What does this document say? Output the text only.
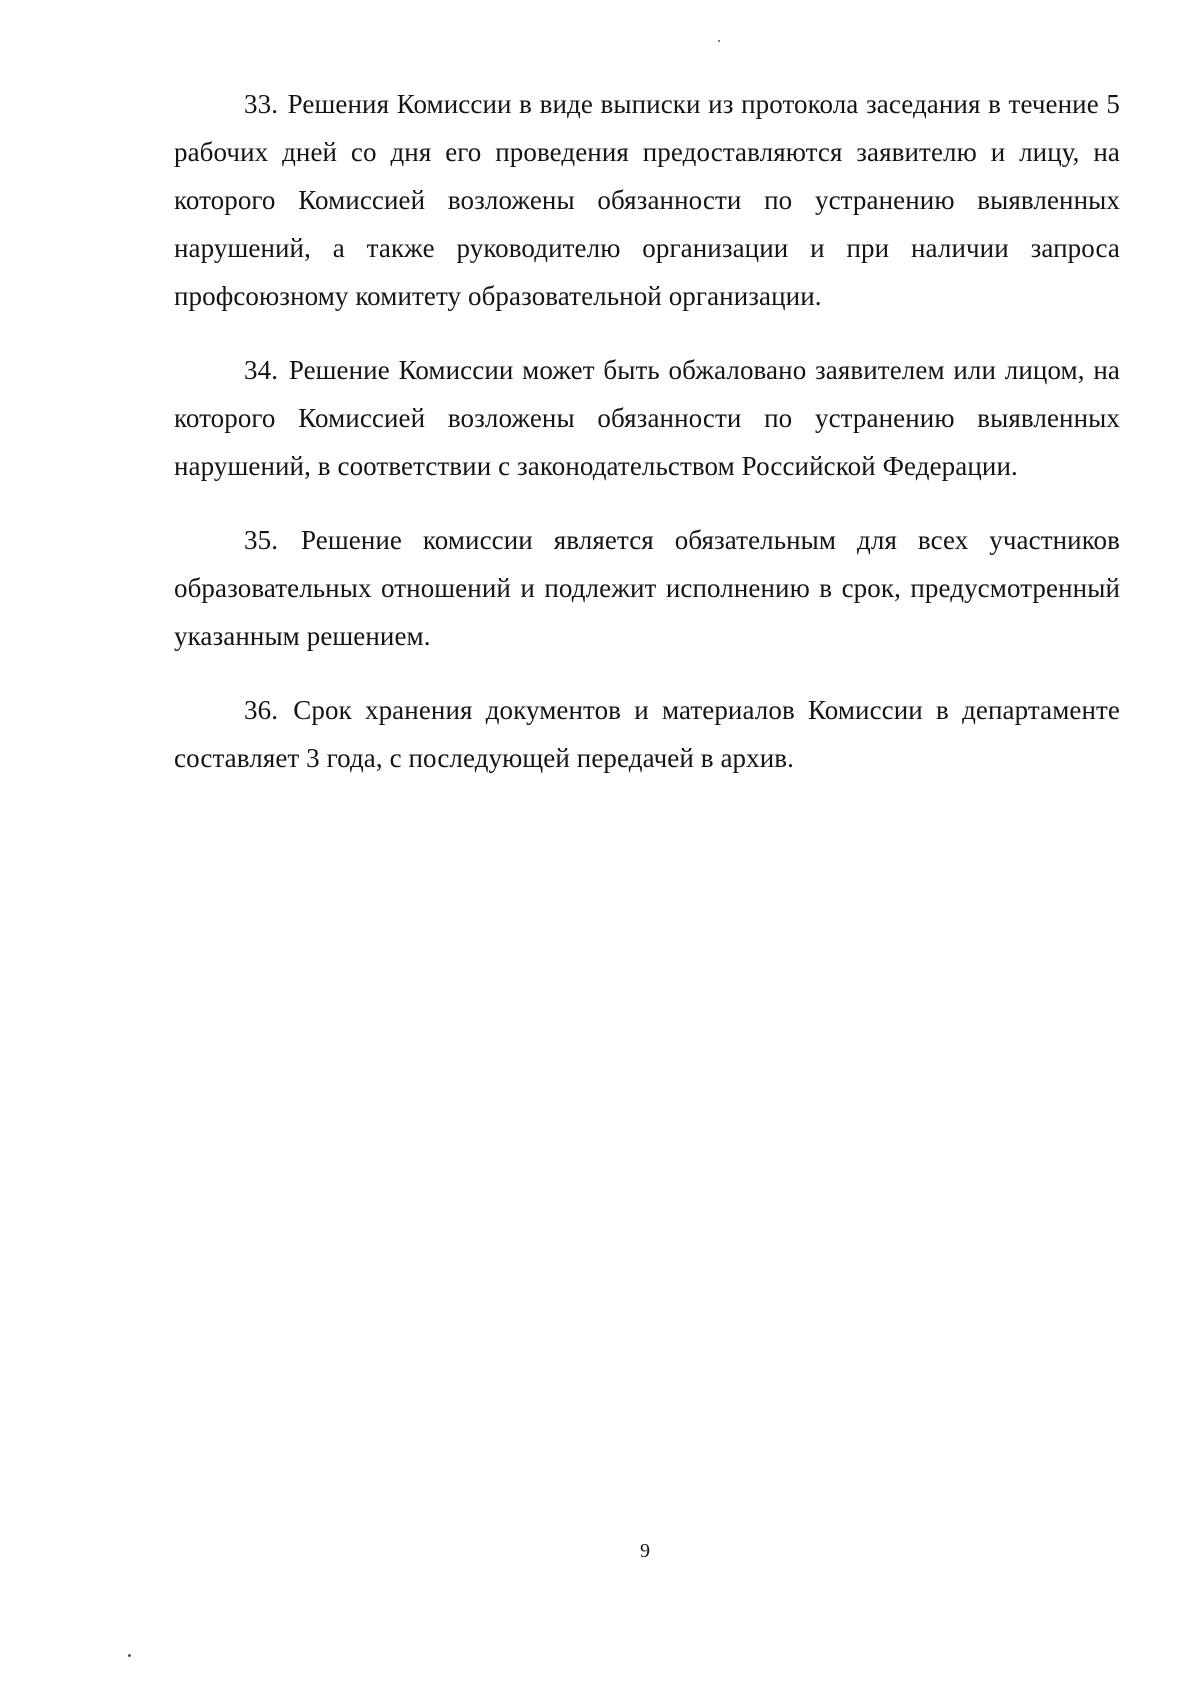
33. Решения Комиссии в виде выписки из протокола заседания в течение 5 рабочих дней со дня его проведения предоставляются заявителю и лицу, на которого Комиссией возложены обязанности по устранению выявленных нарушений, а также руководителю организации и при наличии запроса профсоюзному комитету образовательной организации.

34. Решение Комиссии может быть обжаловано заявителем или лицом, на которого Комиссией возложены обязанности по устранению выявленных нарушений, в соответствии с законодательством Российской Федерации.

35. Решение комиссии является обязательным для всех участников образовательных отношений и подлежит исполнению в срок, предусмотренный указанным решением.

36. Срок хранения документов и материалов Комиссии в департаменте составляет 3 года, с последующей передачей в архив.

9
